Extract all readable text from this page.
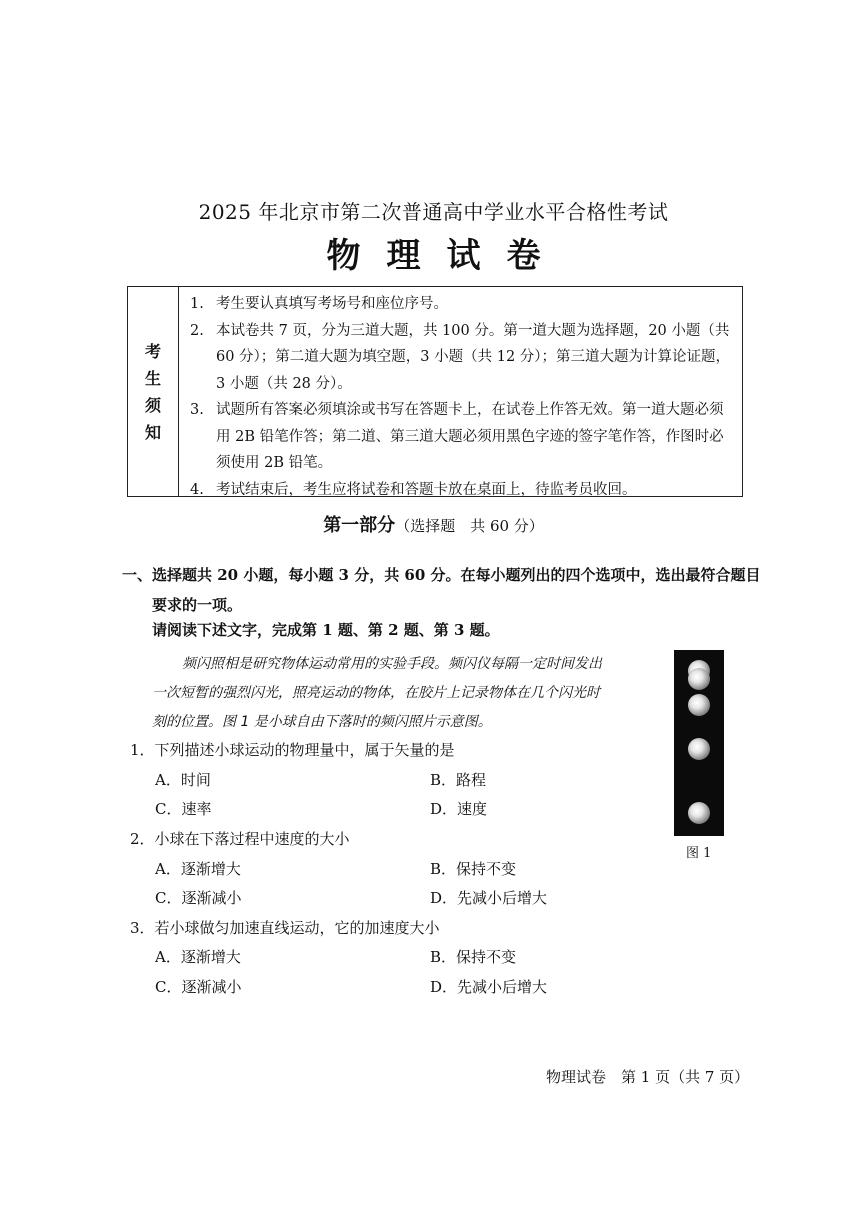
2025 年北京市第二次普通高中学业水平合格性考试
物理试卷
考
生
须
知
1. 考生要认真填写考场号和座位序号。
2. 本试卷共 7 页，分为三道大题，共 100 分。第一道大题为选择题，20 小题（共 60 分）；第二道大题为填空题，3 小题（共 12 分）；第三道大题为计算论证题，3 小题（共 28 分）。
3. 试题所有答案必须填涂或书写在答题卡上，在试卷上作答无效。第一道大题必须用 2B 铅笔作答；第二道、第三道大题必须用黑色字迹的签字笔作答，作图时必须使用 2B 铅笔。
4. 考试结束后，考生应将试卷和答题卡放在桌面上，待监考员收回。
第一部分（选择题　共 60 分）
一、选择题共 20 小题，每小题 3 分，共 60 分。在每小题列出的四个选项中，选出最符合题目
要求的一项。
请阅读下述文字，完成第 1 题、第 2 题、第 3 题。
频闪照相是研究物体运动常用的实验手段。频闪仪每隔一定时间发出
一次短暂的强烈闪光，照亮运动的物体，在胶片上记录物体在几个闪光时
刻的位置。图 1 是小球自由下落时的频闪照片示意图。
1．下列描述小球运动的物理量中，属于矢量的是
A．时间	B．路程
C．速率	D．速度
2．小球在下落过程中速度的大小
A．逐渐增大	B．保持不变
C．逐渐减小	D．先减小后增大
3．若小球做匀加速直线运动，它的加速度大小
A．逐渐增大	B．保持不变
C．逐渐减小	D．先减小后增大
图 1
物理试卷　第 1 页（共 7 页）
